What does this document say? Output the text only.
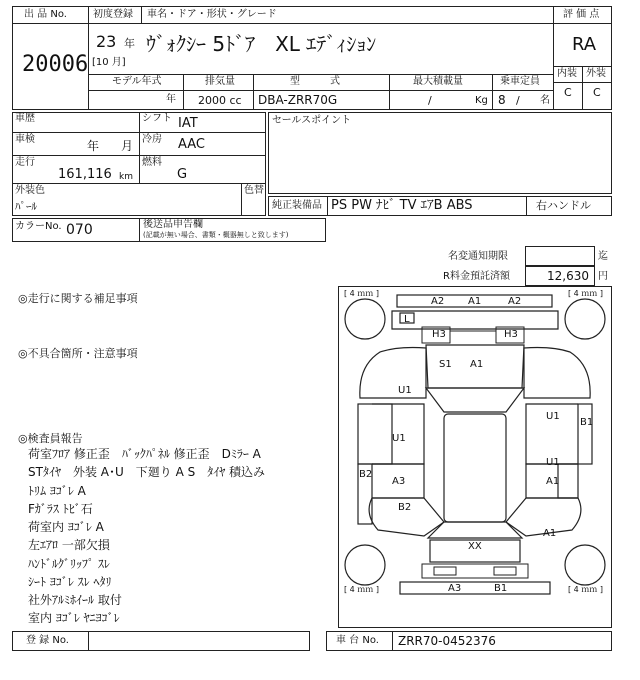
出 品 No.
20006
初度登録
23 年
[10 月]
車名・ドア・形状・グレード
ｳﾞｫｸｼｰ 5ﾄﾞｱ　XL ｴﾃﾞｨｼｮﾝ
評 価 点
RA
内装 外装
C C
モデル年式
年
排気量
2000 cc
型　　　式
DBA-ZRR70G
最大積載量
/	Kg
乗車定員
8 / 名
車歴	シフト IAT
車検	年 月 冷房 AAC
走行
161,116 km
燃料
G
外装色
ﾊﾟｰﾙ
色替
セールスポイント
純正装備品 PS PW ﾅﾋﾞ TV ｴｱB ABS	右ハンドル
カラーNo. 070	後送品申告欄
(記載が無い場合、書類・概器無しと致します)
名変通知期限	迄
R料金預託済額	12,630 円
◎走行に関する補足事項
◎不具合箇所・注意事項
◎検査員報告
荷室ﾌﾛｱ 修正歪　ﾊﾞｯｸﾊﾟﾈﾙ 修正歪　Dﾐﾗｰ A
STﾀｲﾔ　外装 A･U　下廻り A S　ﾀｲﾔ 積込み
ﾄﾘﾑ ﾖｺﾞﾚ A
Fｶﾞﾗｽ ﾄﾋﾞ石
荷室内 ﾖｺﾞﾚ A
左ｴｱﾛ 一部欠損
ﾊﾝﾄﾞﾙｸﾞﾘｯﾌﾟ ｽﾚ
ｼｰﾄ ﾖｺﾞﾚ ｽﾚ ﾍﾀﾘ
社外ｱﾙﾐﾎｲｰﾙ 取付
室内 ﾖｺﾞﾚ ﾔﾆﾖｺﾞﾚ
[ 4 ｍｍ ]	[ 4 ｍｍ ]
[ 4 ｍｍ ]	[ 4 ｍｍ ]
A2 A1	A2
L
H3	H3
S1 A1
U1
U1
B1
U1
U1
A1
B2
A3
B2
A1
XX
A3	B1
登 録 No.	車 台 No. ZRR70-0452376
